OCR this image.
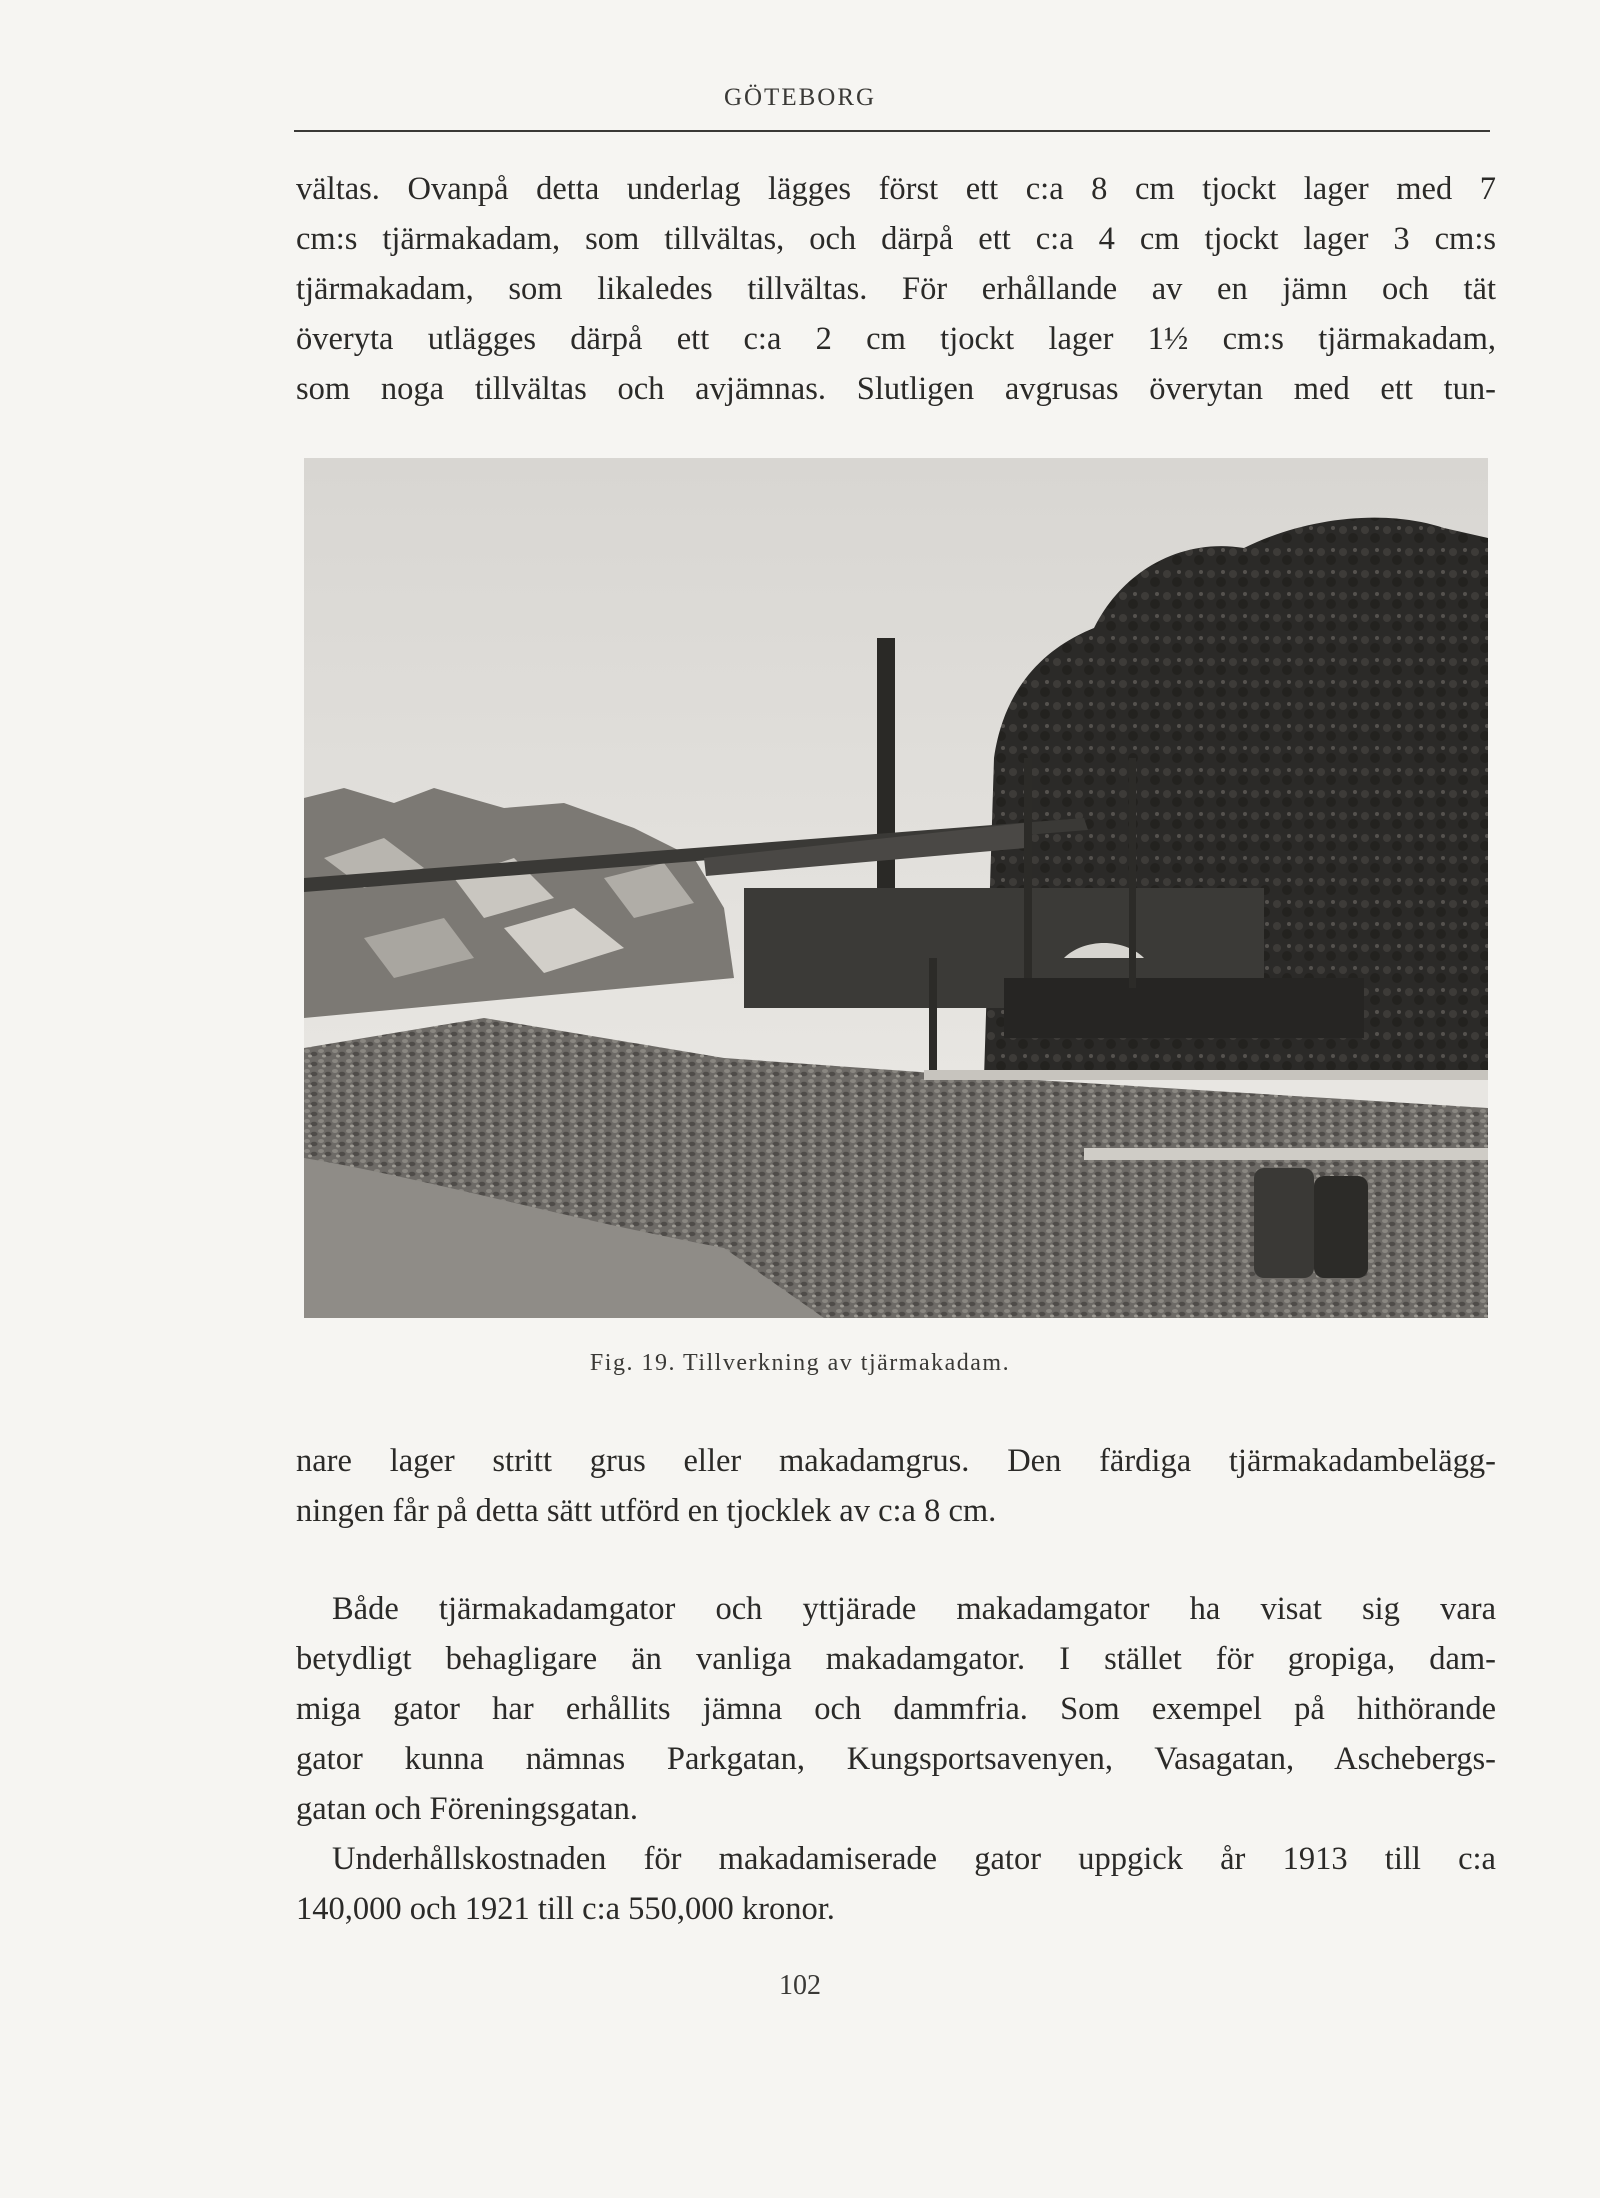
GÖTEBORG
vältas. Ovanpå detta underlag lägges först ett c:a 8 cm tjockt lager med 7
cm:s tjärmakadam, som tillvältas, och därpå ett c:a 4 cm tjockt lager 3 cm:s
tjärmakadam, som likaledes tillvältas. För erhållande av en jämn och tät
överyta utlägges därpå ett c:a 2 cm tjockt lager 1½ cm:s tjärmakadam,
som noga tillvältas och avjämnas. Slutligen avgrusas överytan med ett tun-
Fig. 19. Tillverkning av tjärmakadam.
nare lager stritt grus eller makadamgrus. Den färdiga tjärmakadambelägg-
ningen får på detta sätt utförd en tjocklek av c:a 8 cm.
Både tjärmakadamgator och yttjärade makadamgator ha visat sig vara
betydligt behagligare än vanliga makadamgator. I stället för gropiga, dam-
miga gator har erhållits jämna och dammfria. Som exempel på hithörande
gator kunna nämnas Parkgatan, Kungsportsavenyen, Vasagatan, Aschebergs-
gatan och Föreningsgatan.
Underhållskostnaden för makadamiserade gator uppgick år 1913 till c:a
140,000 och 1921 till c:a 550,000 kronor.
102
